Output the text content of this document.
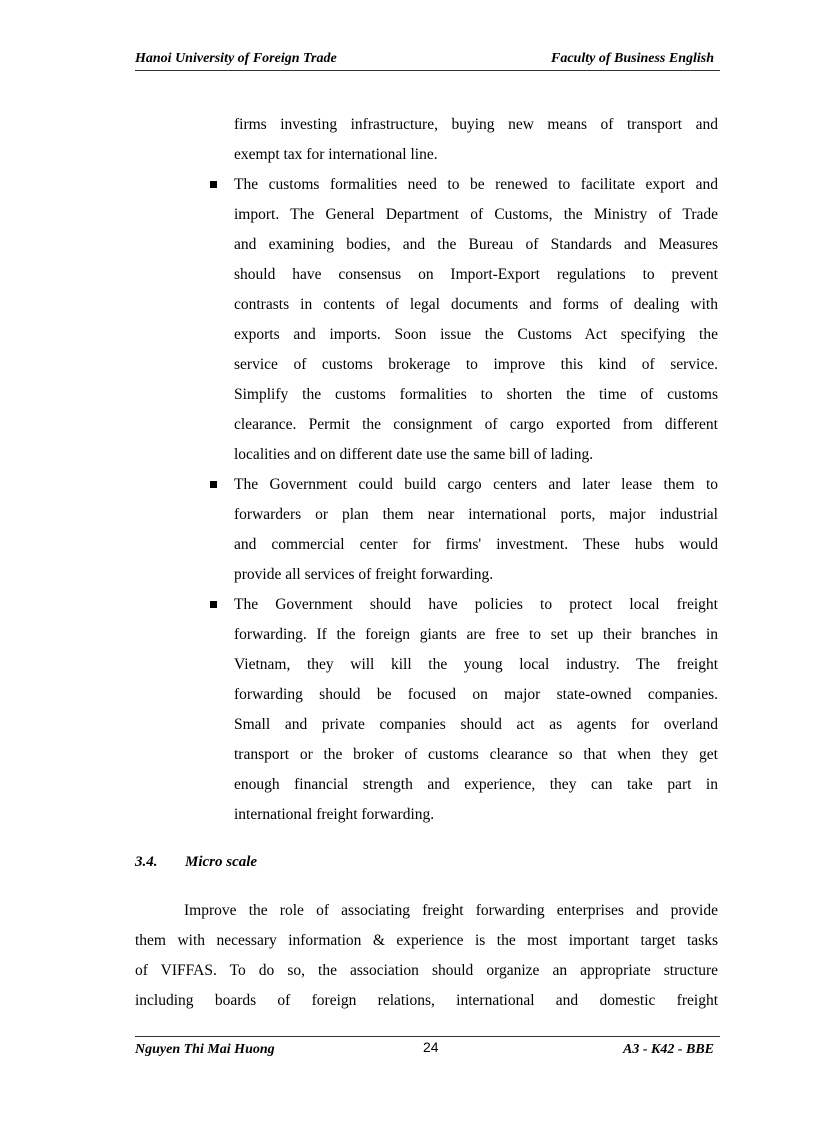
Hanoi University of Foreign Trade	Faculty of Business English
firms investing infrastructure, buying new means of transport and
exempt tax for international line.
The customs formalities need to be renewed to facilitate export and
import. The General Department of Customs, the Ministry of Trade
and examining bodies, and the Bureau of Standards and Measures
should have consensus on Import-Export regulations to prevent
contrasts in contents of legal documents and forms of dealing with
exports and imports. Soon issue the Customs Act specifying the
service of customs brokerage to improve this kind of service.
Simplify the customs formalities to shorten the time of customs
clearance. Permit the consignment of cargo exported from different
localities and on different date use the same bill of lading.
The Government could build cargo centers and later lease them to
forwarders or plan them near international ports, major industrial
and commercial center for firms' investment. These hubs would
provide all services of freight forwarding.
The Government should have policies to protect local freight
forwarding. If the foreign giants are free to set up their branches in
Vietnam, they will kill the young local industry. The freight
forwarding should be focused on major state-owned companies.
Small and private companies should act as agents for overland
transport or the broker of customs clearance so that when they get
enough financial strength and experience, they can take part in
international freight forwarding.
3.4. Micro scale
Improve the role of associating freight forwarding enterprises and provide
them with necessary information & experience is the most important target tasks
of VIFFAS. To do so, the association should organize an appropriate structure
including boards of foreign relations, international and domestic freight
Nguyen Thi Mai Huong	24	A3 - K42 - BBE
